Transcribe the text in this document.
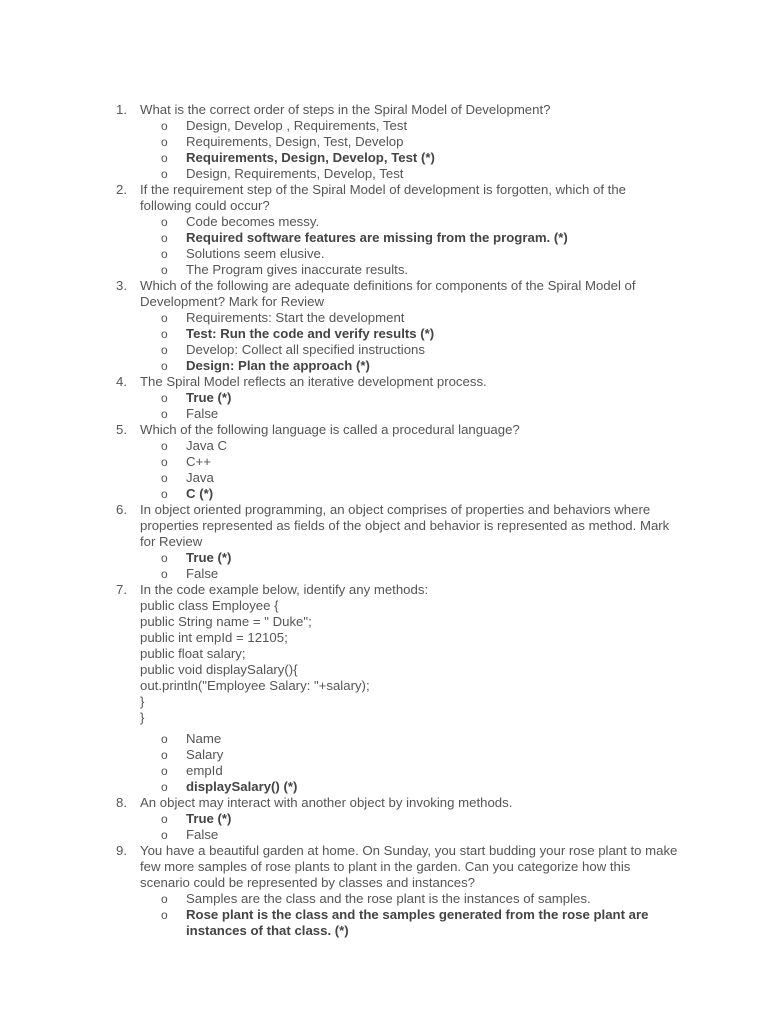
1. What is the correct order of steps in the Spiral Model of Development?
o Design, Develop , Requirements, Test
o Requirements, Design, Test, Develop
o Requirements, Design, Develop, Test (*)
o Design, Requirements, Develop, Test
2. If the requirement step of the Spiral Model of development is forgotten, which of the following could occur?
o Code becomes messy.
o Required software features are missing from the program. (*)
o Solutions seem elusive.
o The Program gives inaccurate results.
3. Which of the following are adequate definitions for components of the Spiral Model of Development? Mark for Review
o Requirements: Start the development
o Test: Run the code and verify results (*)
o Develop: Collect all specified instructions
o Design: Plan the approach (*)
4. The Spiral Model reflects an iterative development process.
o True (*)
o False
5. Which of the following language is called a procedural language?
o Java C
o C++
o Java
o C (*)
6. In object oriented programming, an object comprises of properties and behaviors where properties represented as fields of the object and behavior is represented as method. Mark for Review
o True (*)
o False
7. In the code example below, identify any methods:
public class Employee {
public String name = " Duke";
public int empId = 12105;
public float salary;
public void displaySalary(){
out.println("Employee Salary: "+salary);
}
}
o Name
o Salary
o empId
o displaySalary() (*)
8. An object may interact with another object by invoking methods.
o True (*)
o False
9. You have a beautiful garden at home. On Sunday, you start budding your rose plant to make few more samples of rose plants to plant in the garden. Can you categorize how this scenario could be represented by classes and instances?
o Samples are the class and the rose plant is the instances of samples.
o Rose plant is the class and the samples generated from the rose plant are instances of that class. (*)
